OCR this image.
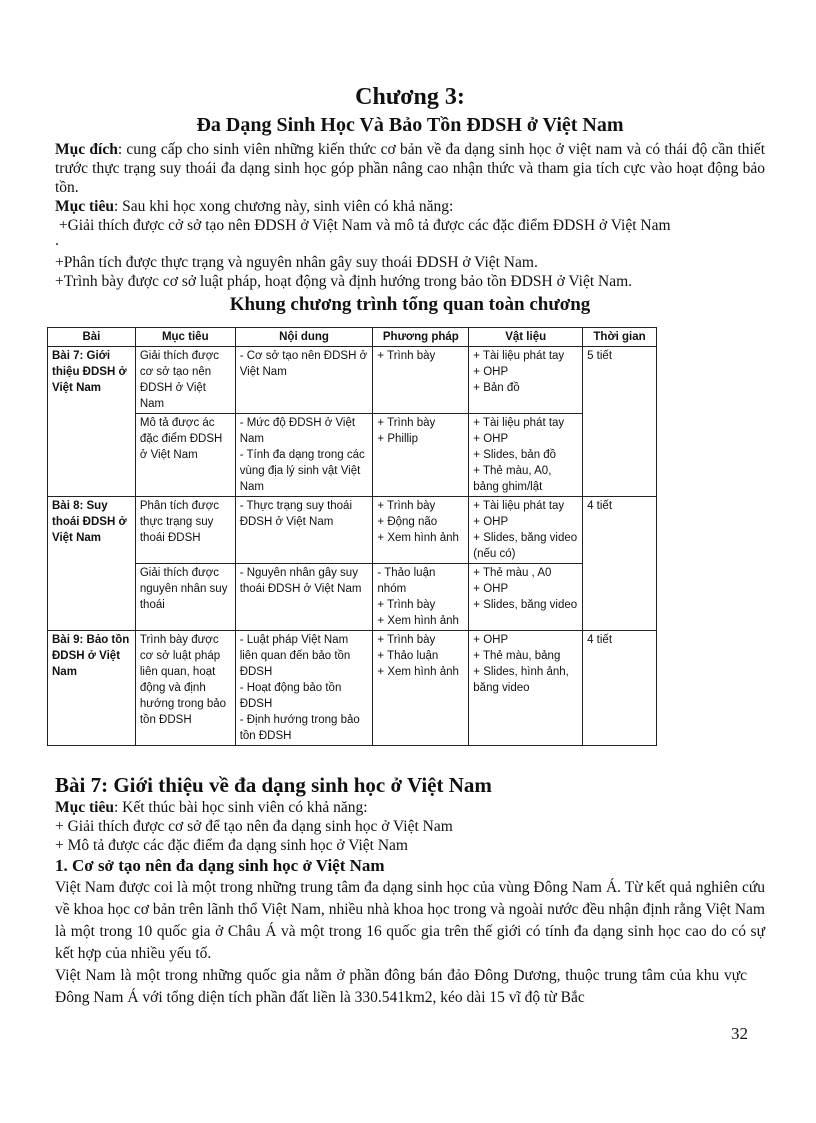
Chương 3:

Đa Dạng Sinh Học Và Bảo Tồn ĐDSH ở Việt Nam

Mục đích: cung cấp cho sinh viên những kiến thức cơ bản về đa dạng sinh học ở việt nam và có thái độ cần thiết trước thực trạng suy thoái đa dạng sinh học góp phần nâng cao nhận thức và tham gia tích cực vào hoạt động bảo tồn.

Mục tiêu: Sau khi học xong chương này, sinh viên có khả năng:

+Giải thích được cở sở tạo nên ĐDSH ở Việt Nam và mô tả được các đặc điểm ĐDSH ở Việt Nam

.

+Phân tích được thực trạng và nguyên nhân gây suy thoái ĐDSH ở Việt Nam.

+Trình bày được cơ sở luật pháp, hoạt động và định hướng trong bảo tồn ĐDSH ở Việt Nam.

Khung chương trình tổng quan toàn chương

Bài	Mục tiêu	Nội dung	Phương pháp	Vật liệu	Thời gian
Bài 7: Giới thiệu ĐDSH ở Việt Nam	Giải thích được cơ sở tạo nên ĐDSH ở Việt Nam	- Cơ sở tạo nên ĐDSH ở Việt Nam	+ Trình bày	+ Tài liệu phát tay
+ OHP
+ Bản đồ	5 tiết
	Mô tả được ác đặc điểm ĐDSH ở Việt Nam	- Mức độ ĐDSH ở Việt Nam
- Tính đa dạng trong các vùng địa lý sinh vật Việt Nam	+ Trình bày
+ Phillip	+ Tài liệu phát tay
+ OHP
+ Slides, bản đồ
+ Thẻ màu, A0, bảng ghim/lật	
Bài 8: Suy thoái ĐDSH ở Việt Nam	Phân tích được thực trạng suy thoái ĐDSH	- Thực trạng suy thoái ĐDSH ở Việt Nam	+ Trình bày
+ Động não
+ Xem hình ảnh	+ Tài liệu phát tay
+ OHP
+ Slides, băng video (nếu có)	4 tiết
	Giải thích được nguyên nhân suy thoái	- Nguyên nhân gây suy thoái ĐDSH ở Việt Nam	- Thảo luận nhóm
+ Trình bày
+ Xem hình ảnh	+ Thẻ màu , A0
+ OHP
+ Slides, băng video	
Bài 9: Bảo tồn ĐDSH ở Việt Nam	Trình bày được cơ sở luật pháp liên quan, hoạt động và định hướng trong bảo tồn ĐDSH	- Luật pháp Việt Nam liên quan đến bảo tồn ĐDSH
- Hoạt động bảo tồn ĐDSH
- Định hướng trong bảo tồn ĐDSH	+ Trình bày
+ Thảo luận
+ Xem hình ảnh	+ OHP
+ Thẻ màu, bảng
+ Slides, hình ảnh, băng video	4 tiết

Bài 7: Giới thiệu về đa dạng sinh học ở Việt Nam

Mục tiêu: Kết thúc bài học sinh viên có khả năng:

+ Giải thích được cơ sở để tạo nên đa dạng sinh học ở Việt Nam

+ Mô tả được các đặc điểm đa dạng sinh học ở Việt Nam

1. Cơ sở tạo nên đa dạng sinh học ở Việt Nam

Việt Nam được coi là một trong những trung tâm đa dạng sinh học của vùng Đông Nam Á. Từ kết quả nghiên cứu về khoa học cơ bản trên lãnh thổ Việt Nam, nhiều nhà khoa học trong và ngoài nước đều nhận định rằng Việt Nam là một trong 10 quốc gia ở Châu Á và một trong 16 quốc gia trên thế giới có tính đa dạng sinh học cao do có sự kết hợp của nhiều yếu tố.

Việt Nam là một trong những quốc gia nằm ở phần đông bán đảo Đông Dương, thuộc trung tâm của khu vực Đông Nam Á với tổng diện tích phần đất liền là 330.541km2, kéo dài 15 vĩ độ từ Bắc

32
